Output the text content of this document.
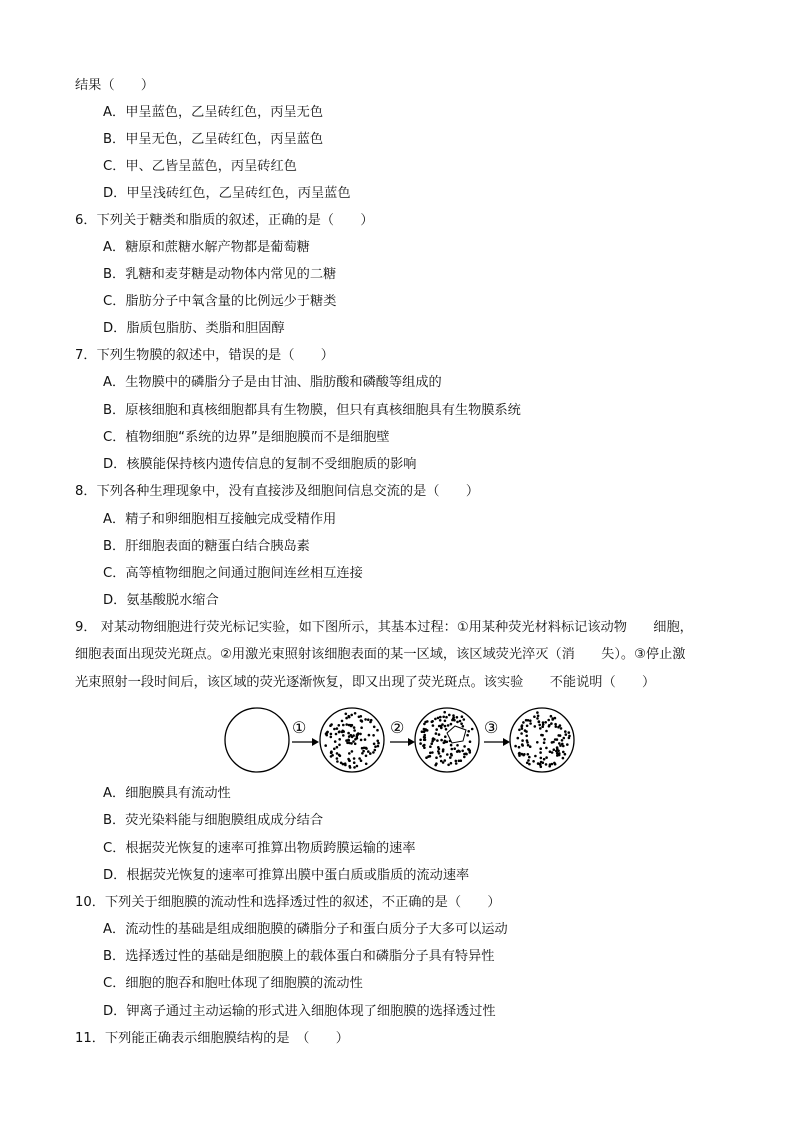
结果（　　）
A．甲呈蓝色，乙呈砖红色，丙呈无色
B．甲呈无色，乙呈砖红色，丙呈蓝色
C．甲、乙皆呈蓝色，丙呈砖红色
D．甲呈浅砖红色，乙呈砖红色，丙呈蓝色
6．下列关于糖类和脂质的叙述，正确的是（　　）
A．糖原和蔗糖水解产物都是葡萄糖
B．乳糖和麦芽糖是动物体内常见的二糖
C．脂肪分子中氧含量的比例远少于糖类
D．脂质包脂肪、类脂和胆固醇
7．下列生物膜的叙述中，错误的是（　　）
A．生物膜中的磷脂分子是由甘油、脂肪酸和磷酸等组成的
B．原核细胞和真核细胞都具有生物膜，但只有真核细胞具有生物膜系统
C．植物细胞“系统的边界”是细胞膜而不是细胞壁
D．核膜能保持核内遗传信息的复制不受细胞质的影响
8．下列各种生理现象中，没有直接涉及细胞间信息交流的是（　　）
A．精子和卵细胞相互接触完成受精作用
B．肝细胞表面的糖蛋白结合胰岛素
C．高等植物细胞之间通过胞间连丝相互连接
D．氨基酸脱水缩合
9． 对某动物细胞进行荧光标记实验，如下图所示，其基本过程：①用某种荧光材料标记该动物　　细胞，
细胞表面出现荧光斑点。②用激光束照射该细胞表面的某一区域，该区域荧光淬灭（消　　失）。③停止激
光束照射一段时间后，该区域的荧光逐渐恢复，即又出现了荧光斑点。该实验　　不能说明（　　）
①	②	③
A．细胞膜具有流动性
B．荧光染料能与细胞膜组成成分结合
C．根据荧光恢复的速率可推算出物质跨膜运输的速率
D．根据荧光恢复的速率可推算出膜中蛋白质或脂质的流动速率
10．下列关于细胞膜的流动性和选择透过性的叙述，不正确的是（　　）
A．流动性的基础是组成细胞膜的磷脂分子和蛋白质分子大多可以运动
B．选择透过性的基础是细胞膜上的载体蛋白和磷脂分子具有特异性
C．细胞的胞吞和胞吐体现了细胞膜的流动性
D．钾离子通过主动运输的形式进入细胞体现了细胞膜的选择透过性
11．下列能正确表示细胞膜结构的是　（　　）
